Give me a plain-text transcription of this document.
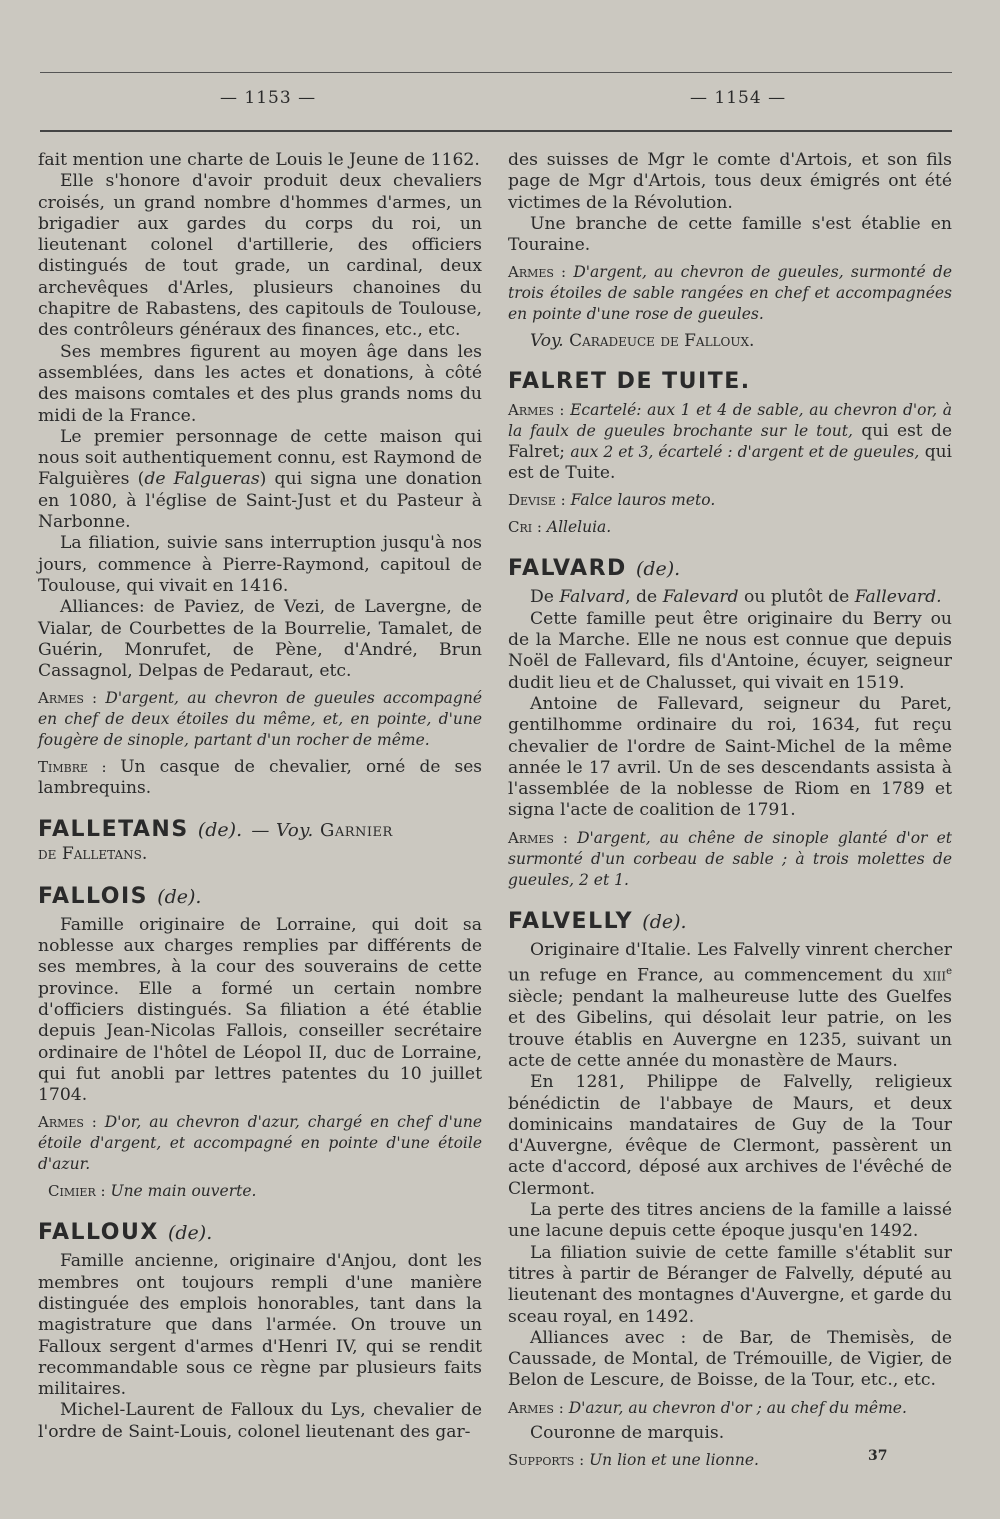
— 1153 —	— 1154 —

fait mention une charte de Louis le Jeune de 1162.

Elle s'honore d'avoir produit deux chevaliers croisés, un grand nombre d'hommes d'armes, un brigadier aux gardes du corps du roi, un lieutenant colonel d'artillerie, des officiers distingués de tout grade, un cardinal, deux archevêques d'Arles, plusieurs chanoines du chapitre de Rabastens, des capitouls de Toulouse, des contrôleurs généraux des finances, etc., etc.

Ses membres figurent au moyen âge dans les assemblées, dans les actes et donations, à côté des maisons comtales et des plus grands noms du midi de la France.

Le premier personnage de cette maison qui nous soit authentiquement connu, est Raymond de Falguières (de Falgueras) qui signa une donation en 1080, à l'église de Saint-Just et du Pasteur à Narbonne.

La filiation, suivie sans interruption jusqu'à nos jours, commence à Pierre-Raymond, capitoul de Toulouse, qui vivait en 1416.

Alliances: de Paviez, de Vezi, de Lavergne, de Vialar, de Courbettes de la Bourrelie, Tamalet, de Guérin, Monrufet, de Pène, d'André, Brun Cassagnol, Delpas de Pedaraut, etc.

Armes : D'argent, au chevron de gueules accompagné en chef de deux étoiles du même, et, en pointe, d'une fougère de sinople, partant d'un rocher de même.
Timbre : Un casque de chevalier, orné de ses lambrequins.
FALLETANS (de). — Voy. Garnier

de Falletans.

FALLOIS (de).

Famille originaire de Lorraine, qui doit sa noblesse aux charges remplies par différents de ses membres, à la cour des souverains de cette province. Elle a formé un certain nombre d'officiers distingués. Sa filiation a été établie depuis Jean-Nicolas Fallois, conseiller secrétaire ordinaire de l'hôtel de Léopol II, duc de Lorraine, qui fut anobli par lettres patentes du 10 juillet 1704.

Armes : D'or, au chevron d'azur, chargé en chef d'une étoile d'argent, et accompagné en pointe d'une étoile d'azur.
Cimier : Une main ouverte.
FALLOUX (de).

Famille ancienne, originaire d'Anjou, dont les membres ont toujours rempli d'une manière distinguée des emplois honorables, tant dans la magistrature que dans l'armée. On trouve un Falloux sergent d'armes d'Henri IV, qui se rendit recommandable sous ce règne par plusieurs faits militaires.

Michel-Laurent de Falloux du Lys, chevalier de l'ordre de Saint-Louis, colonel lieutenant des gar-

des suisses de Mgr le comte d'Artois, et son fils page de Mgr d'Artois, tous deux émigrés ont été victimes de la Révolution.

Une branche de cette famille s'est établie en Touraine.

Armes : D'argent, au chevron de gueules, surmonté de trois étoiles de sable rangées en chef et accompagnées en pointe d'une rose de gueules.
Voy. Caradeuce de Falloux.
FALRET DE TUITE.
Armes : Ecartelé: aux 1 et 4 de sable, au chevron d'or, à la faulx de gueules brochante sur le tout, qui est de Falret; aux 2 et 3, écartelé : d'argent et de gueules, qui est de Tuite.
Devise : Falce lauros meto.
Cri : Alleluia.
FALVARD (de).

De Falvard, de Falevard ou plutôt de Fallevard.

Cette famille peut être originaire du Berry ou de la Marche. Elle ne nous est connue que depuis Noël de Fallevard, fils d'Antoine, écuyer, seigneur dudit lieu et de Chalusset, qui vivait en 1519.

Antoine de Fallevard, seigneur du Paret, gentilhomme ordinaire du roi, 1634, fut reçu chevalier de l'ordre de Saint-Michel de la même année le 17 avril. Un de ses descendants assista à l'assemblée de la noblesse de Riom en 1789 et signa l'acte de coalition de 1791.

Armes : D'argent, au chêne de sinople glanté d'or et surmonté d'un corbeau de sable ; à trois molettes de gueules, 2 et 1.
FALVELLY (de).

Originaire d'Italie. Les Falvelly vinrent chercher un refuge en France, au commencement du xiii$^e$ siècle; pendant la malheureuse lutte des Guelfes et des Gibelins, qui désolait leur patrie, on les trouve établis en Auvergne en 1235, suivant un acte de cette année du monastère de Maurs.

En 1281, Philippe de Falvelly, religieux bénédictin de l'abbaye de Maurs, et deux dominicains mandataires de Guy de la Tour d'Auvergne, évêque de Clermont, passèrent un acte d'accord, déposé aux archives de l'évêché de Clermont.

La perte des titres anciens de la famille a laissé une lacune depuis cette époque jusqu'en 1492.

La filiation suivie de cette famille s'établit sur titres à partir de Béranger de Falvelly, député au lieutenant des montagnes d'Auvergne, et garde du sceau royal, en 1492.

Alliances avec : de Bar, de Themisès, de Caussade, de Montal, de Trémouille, de Vigier, de Belon de Lescure, de Boisse, de la Tour, etc., etc.

Armes : D'azur, au chevron d'or ; au chef du même.

Couronne de marquis.

Supports : Un lion et une lionne.	37
